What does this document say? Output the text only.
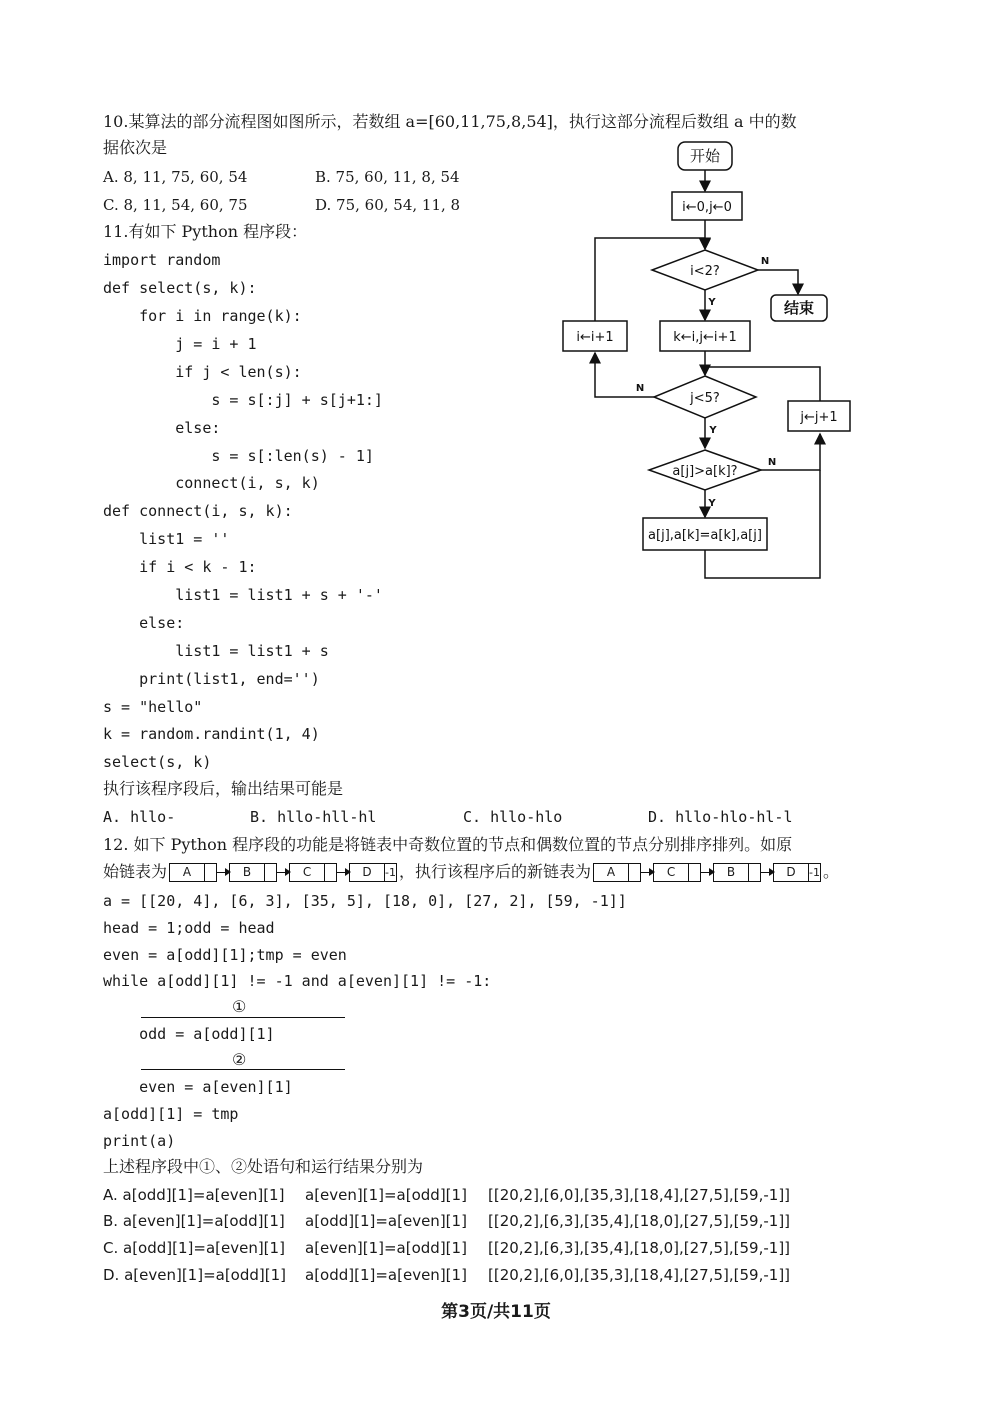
10.某算法的部分流程图如图所示，若数组 a=[60,11,75,8,54]，执行这部分流程后数组 a 中的数
据依次是
A. 8, 11, 75, 60, 54	B. 75, 60, 11, 8, 54
C. 8, 11, 54, 60, 75	D. 75, 60, 54, 11, 8
开始
i←0,j←0
i<2?
结束
k←i,j←i+1
i←i+1
j<5?
a[j]>a[k]?
a[j],a[k]=a[k],a[j]
j←j+1
N
Y
N
Y
N
Y
11.有如下 Python 程序段：
import random
def select(s, k):
for i in range(k):
j = i + 1
if j < len(s):
s = s[:j] + s[j+1:]
else:
s = s[:len(s) - 1]
connect(i, s, k)
def connect(i, s, k):
list1 = ''
if i < k - 1:
list1 = list1 + s + '-'
else:
list1 = list1 + s
print(list1, end='')
s = "hello"
k = random.randint(1, 4)
select(s, k)
执行该程序段后，输出结果可能是
A. hllo-	B. hllo-hll-hl	C. hllo-hlo	D. hllo-hlo-hl-l
12. 如下 Python 程序段的功能是将链表中奇数位置的节点和偶数位置的节点分别排序排列。如原
始链表为	A	B	C	D	-1 ，执行该程序后的新链表为	A	C	B	D	-1 。
a = [[20, 4], [6, 3], [35, 5], [18, 0], [27, 2], [59, -1]]
head = 1;odd = head
even = a[odd][1];tmp = even
while a[odd][1] != -1 and a[even][1] != -1:
①
odd = a[odd][1]
②
even = a[even][1]
a[odd][1] = tmp
print(a)
上述程序段中①、②处语句和运行结果分别为
A. a[odd][1]=a[even][1] a[even][1]=a[odd][1] [[20,2],[6,0],[35,3],[18,4],[27,5],[59,-1]]
B. a[even][1]=a[odd][1] a[odd][1]=a[even][1] [[20,2],[6,3],[35,4],[18,0],[27,5],[59,-1]]
C. a[odd][1]=a[even][1] a[even][1]=a[odd][1] [[20,2],[6,3],[35,4],[18,0],[27,5],[59,-1]]
D. a[even][1]=a[odd][1] a[odd][1]=a[even][1] [[20,2],[6,0],[35,3],[18,4],[27,5],[59,-1]]
第3页/共11页
